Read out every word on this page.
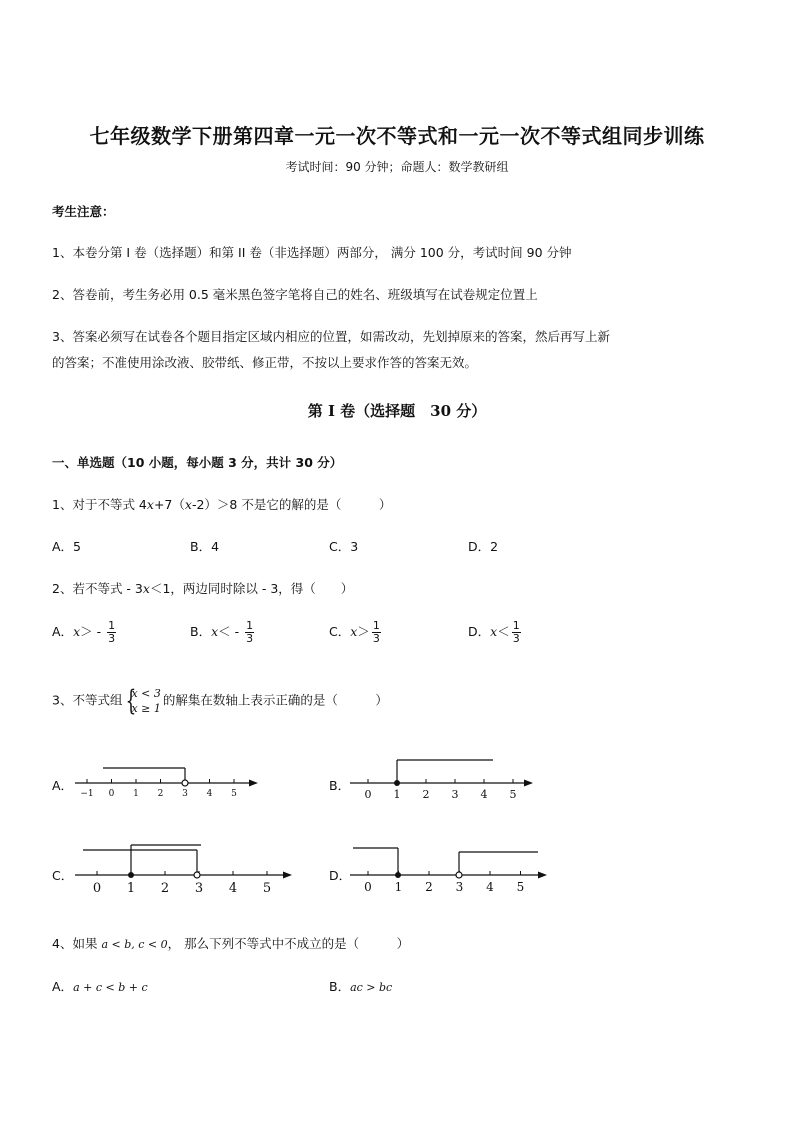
七年级数学下册第四章一元一次不等式和一元一次不等式组同步训练
考试时间：90 分钟；命题人：数学教研组
考生注意：
1、本卷分第 I 卷（选择题）和第 II 卷（非选择题）两部分， 满分 100 分，考试时间 90 分钟
2、答卷前，考生务必用 0.5 毫米黑色签字笔将自己的姓名、班级填写在试卷规定位置上
3、答案必须写在试卷各个题目指定区域内相应的位置，如需改动，先划掉原来的答案，然后再写上新
的答案；不准使用涂改液、胶带纸、修正带，不按以上要求作答的答案无效。
第 I 卷（选择题　30 分）
一、单选题（10 小题，每小题 3 分，共计 30 分）
1、对于不等式 4x+7（x-2）＞8 不是它的解的是（　　　）
A．5	B．4	C．3	D．2
2、若不等式 - 3x＜1，两边同时除以 - 3，得（　　）
A．$x> - \frac{1}{3}$	B．$x< - \frac{1}{3}$	C．$x> \frac{1}{3}$	D．$x< \frac{1}{3}$
3、不等式组
{ x < 3
x ≥ 1
的解集在数轴上表示正确的是（　　　）
A．	B．
C．	D．
−1 0 1 2 3 4 5	0 1 2 3 4 5
0 1 2 3 4 5	0 1 2 3 4 5
4、如果 a < b, c < 0， 那么下列不等式中不成立的是（　　　）
A．a + c < b + c	B．ac > bc
